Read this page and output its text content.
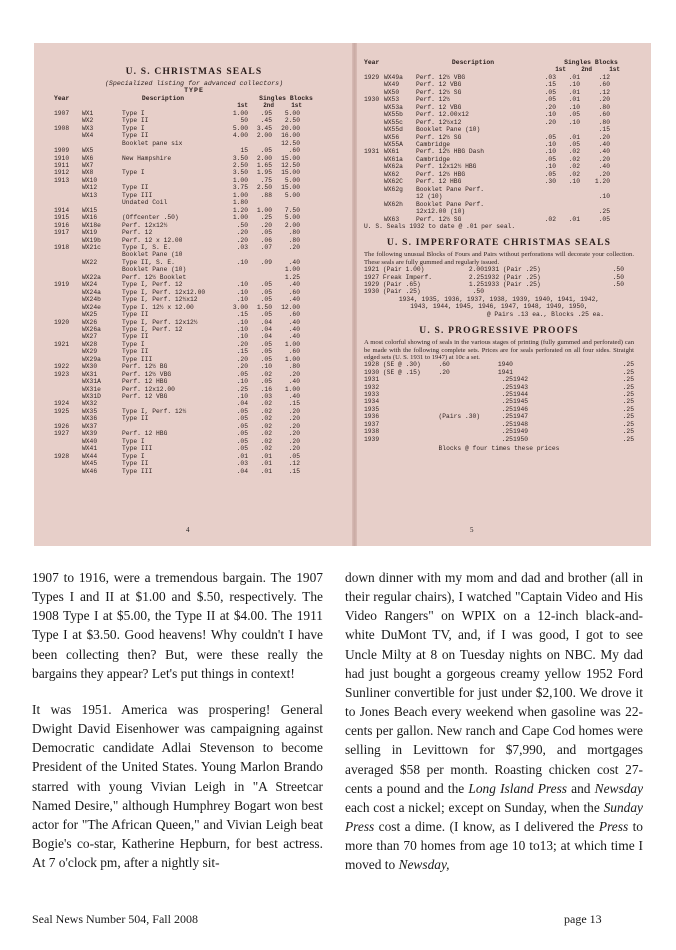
U. S. CHRISTMAS SEALS
(Specialized listing for advanced collectors)
TYPE
Year	Description	Singles Blocks
1st	2nd	1st
1907	WX1	Type I	1.00	.95	5.00
WX2	Type II	50	.45	2.50
1908	WX3	Type I	5.00	3.45	20.00
WX4	Type II	4.00	2.00	16.00
Booklet pane six	12.50
1909	WX5	15	.05	.60
1910	WX6	New Hampshire	3.50	2.00	15.00
1911	WX7	2.50	1.65	12.50
1912	WX8	Type I	3.50	1.95	15.00
1913	WX10	1.00	.75	5.00
WX12	Type II	3.75	2.50	15.00
WX13	Type III	1.00	.88	5.00
Undated Coil	1.80
1914	WX15	1.20	1.00	7.50
1915	WX16	(Offcenter .50)	1.00	.25	5.00
1916	WX18e	Perf. 12x12½	.50	.20	2.00
1917	WX19	Perf. 12	.20	.05	.80
WX19b	Perf. 12 x 12.00	.20	.06	.80
1918	WX21c	Type I, S. E.	.03	.07	.20
Booklet Pane (10
WX22	Type II, S. E.	.10	.09	.40
Booklet Pane (10)	1.00
WX22a	Perf. 12½ Booklet	1.25
1919	WX24	Type I, Perf. 12	.10	.05	.40
WX24a	Type I, Perf. 12x12.00	.10	.05	.60
WX24b	Type I, Perf. 12½x12	.10	.05	.40
WX24e	Type I. 12½ x 12.00	3.00	1.50	12.00
WX25	Type II	.15	.05	.60
1920	WX26	Type I, Perf. 12x12½	.10	.04	.40
WX26a	Type I, Perf. 12	.10	.04	.40
WX27	Type II	.10	.04	.40
1921	WX28	Type I	.20	.05	1.00
WX29	Type II	.15	.05	.60
WX29a	Type III	.20	.05	1.00
1922	WX30	Perf. 12½ BG	.20	.10	.80
1923	WX31	Perf. 12½ VBG	.05	.02	.20
WX31A	Perf. 12 HBG	.10	.05	.40
WX31e	Perf. 12x12.00	.25	.16	1.00
WX31D	Perf. 12 VBG	.10	.03	.40
1924	WX32	.04	.02	.15
1925	WX35	Type I, Perf. 12½	.05	.02	.20
WX36	Type II	.05	.02	.20
1926	WX37	.05	.02	.20
1927	WX39	Perf. 12 HBG	.05	.02	.20
WX40	Type I	.05	.02	.20
WX41	Type III	.05	.02	.20
1928	WX44	Type I	.01	.01	.05
WX45	Type II	.03	.01	.12
WX46	Type III	.04	.01	.15
4
Year	Description	Singles Blocks
1st	2nd	1st
1929 WX49a	Perf. 12½ VBG	.03	.01	.12
WX49	Perf. 12 VBG	.15	.10	.60
WX50	Perf. 12½ SG	.05	.01	.12
1930 WX53	Perf. 12½	.05	.01	.20
WX53a	Perf. 12 VBG	.20	.10	.80
WX55b	Perf. 12.00x12	.10	.05	.60
WX55c	Perf. 12½x12	.20	.10	.80
WX55d	Booklet Pane (10)	.15
WX56	Perf. 12½ SG	.05	.01	.20
WX55A	Cambridge	.10	.05	.40
1931 WX61	Perf. 12½ HBG Dash	.10	.02	.40
WX61a	Cambridge	.05	.02	.20
WX62a	Perf. 12x12½ HBG	.10	.02	.40
WX62	Perf. 12½ HBG	.05	.02	.20
WX62C	Perf. 12 HBG	.30	.10	1.20
WX62g	Booklet Pane Perf.
12 (10)	.10
WX62h	Booklet Pane Perf.
12x12.00 (10)	.25
WX63	Perf. 12½ SG	.02	.01	.05
U. S. Seals 1932 to date @ .01 per seal.
U. S. IMPERFORATE CHRISTMAS SEALS
The following unusual Blocks of Fours and Pairs without perforations will decorate your collection. These seals are fully gummed and regularly issued.
1921 (Pair 1.00)	2.00 1931 (Pair .25)	.50
1927 Freak Imperf.	2.25 1932 (Pair .25)	.50
1929 (Pair .65)	1.25 1933 (Pair .25)	.50
1930 (Pair .25)	.50
1934, 1935, 1936, 1937, 1938, 1939, 1940, 1941, 1942,
1943, 1944, 1945, 1946, 1947, 1948, 1949, 1950,
@ Pairs .13 ea., Blocks .25 ea.
U. S. PROGRESSIVE PROOFS
A most colorful showing of seals in the various stages of printing (fully gummed and perforated) can be made with the following complete sets. Prices are for seals perforated on all four sides. Straight edged sets (U. S. 1931 to 1947) at 10c a set.
1928 (SE @ .30)	.60	1940	.25
1930 (SE @ .15)	.20	1941	.25
1931	.25 1942	.25
1932	.25 1943	.25
1933	.25 1944	.25
1934	.25 1945	.25
1935	.25 1946	.25
1936	(Pairs .30)	.25 1947	.25
1937	.25 1948	.25
1938	.25 1949	.25
1939	.25 1950	.25
Blocks @ four times these prices
5

1907 to 1916, were a tremendous bargain. The 1907 Types I and II at $1.00 and $.50, respectively. The 1908 Type I at $5.00, the Type II at $4.00. The 1911 Type I at $3.50. Good heavens! Why couldn't I have been collecting then? But, were these really the bargains they appear? Let's put things in context!

It was 1951. America was prospering! General Dwight David Eisenhower was campaigning against Democratic candidate Adlai Stevenson to become President of the United States. Young Marlon Brando starred with young Vivian Leigh in "A Streetcar Named Desire," although Humphrey Bogart won best actor for "The African Queen," and Vivian Leigh beat Bogie's co-star, Katherine Hepburn, for best actress. At 7 o'clock pm, after a nightly sit-

down dinner with my mom and dad and brother (all in their regular chairs), I watched "Captain Video and His Video Rangers" on WPIX on a 12-inch black-and-white DuMont TV, and, if I was good, I got to see Uncle Milty at 8 on Tuesday nights on NBC. My dad had just bought a gorgeous creamy yellow 1952 Ford Sunliner convertible for just under $2,100. We drove it to Jones Beach every weekend when gasoline was 22-cents per gallon. New ranch and Cape Cod homes were selling in Levittown for $7,990, and mortgages averaged $58 per month. Roasting chicken cost 27-cents a pound and the Long Island Press and Newsday each cost a nickel; except on Sunday, when the Sunday Press cost a dime. (I know, as I delivered the Press to more than 70 homes from age 10 to13; at which time I moved to Newsday,

Seal News Number 504, Fall 2008	page 13
